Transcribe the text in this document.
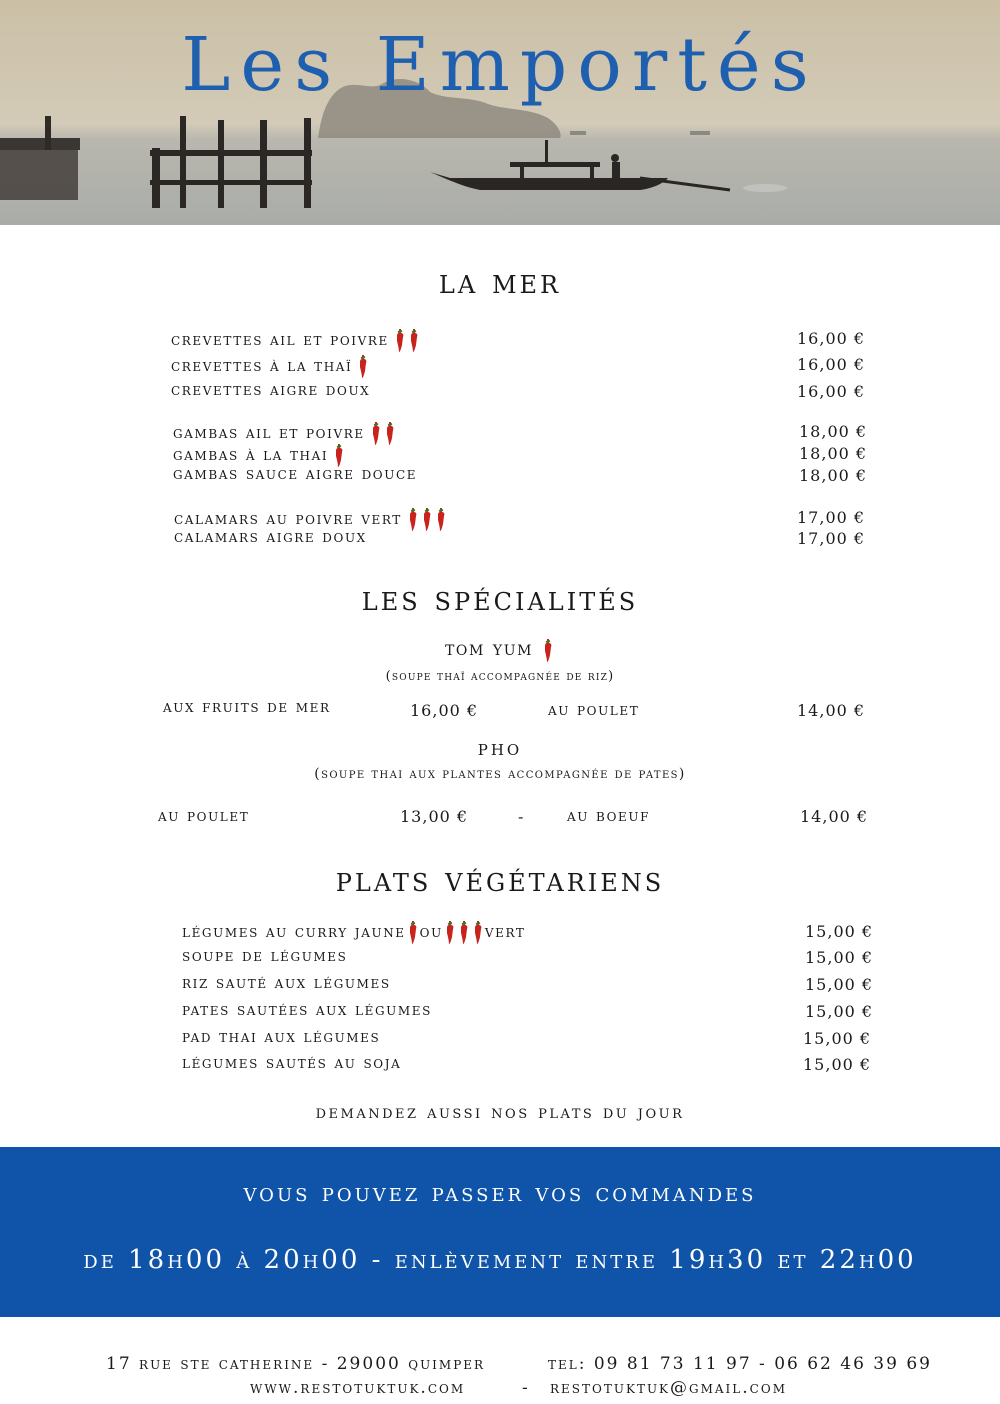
Les Emportés
la mer
crevettes ail et poivre	16,00 €
crevettes à la thaï	16,00 €
crevettes aigre doux	16,00 €
gambas ail et poivre	18,00 €
gambas à la thai	18,00 €
gambas sauce aigre douce	18,00 €
calamars au poivre vert	17,00 €
calamars aigre doux	17,00 €
les spécialités
tom yum
(soupe thaï accompagnée de riz)
aux fruits de mer	16,00 €	au poulet	14,00 €
pho
(soupe thai aux plantes accompagnée de pates)
au poulet	13,00 €	-	au boeuf	14,00 €
plats végétariens
légumes au curry jaune ou vert	15,00 €
soupe de légumes	15,00 €
riz sauté aux légumes	15,00 €
pates sautées aux légumes	15,00 €
pad thai aux légumes	15,00 €
légumes sautés au soja	15,00 €
demandez aussi nos plats du jour
vous pouvez passer vos commandes
de 18h00 à 20h00 - enlèvement entre 19h30 et 22h00
17 rue ste catherine - 29000 quimper	tel: 09 81 73 11 97 - 06 62 46 39 69
www.restotuktuk.com	- restotuktuk@gmail.com
